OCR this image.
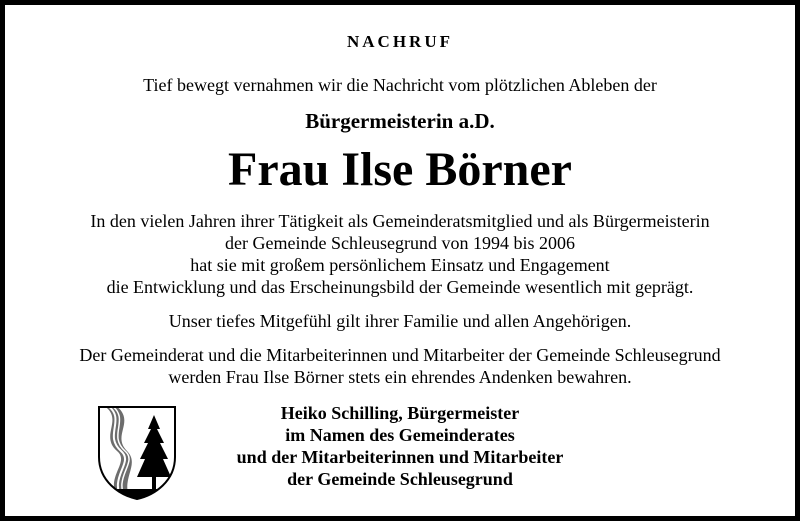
NACHRUF
Tief bewegt vernahmen wir die Nachricht vom plötzlichen Ableben der
Bürgermeisterin a.D.
Frau Ilse Börner
In den vielen Jahren ihrer Tätigkeit als Gemeinderatsmitglied und als Bürgermeisterin
der Gemeinde Schleusegrund von 1994 bis 2006
hat sie mit großem persönlichem Einsatz und Engagement
die Entwicklung und das Erscheinungsbild der Gemeinde wesentlich mit geprägt.
Unser tiefes Mitgefühl gilt ihrer Familie und allen Angehörigen.
Der Gemeinderat und die Mitarbeiterinnen und Mitarbeiter der Gemeinde Schleusegrund
werden Frau Ilse Börner stets ein ehrendes Andenken bewahren.
Heiko Schilling, Bürgermeister
im Namen des Gemeinderates
und der Mitarbeiterinnen und Mitarbeiter
der Gemeinde Schleusegrund
